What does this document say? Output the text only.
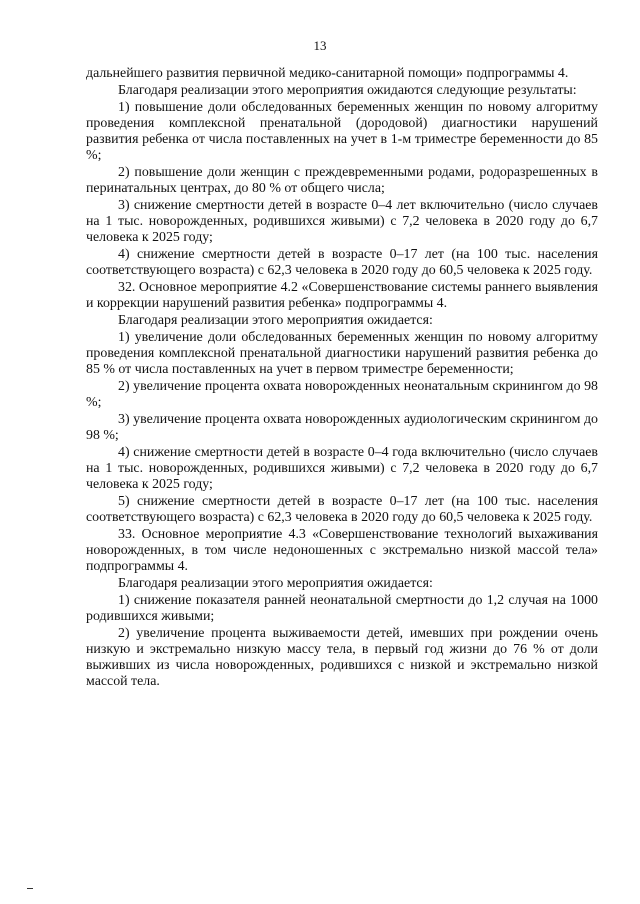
13

дальнейшего развития первичной медико-санитарной помощи» подпрограммы 4.

Благодаря реализации этого мероприятия ожидаются следующие результаты:

1) повышение доли обследованных беременных женщин по новому алгоритму проведения комплексной пренатальной (дородовой) диагностики нарушений развития ребенка от числа поставленных на учет в 1-м триместре беременности до 85 %;

2) повышение доли женщин с преждевременными родами, родоразрешенных в перинатальных центрах, до 80 % от общего числа;

3) снижение смертности детей в возрасте 0–4 лет включительно (число случаев на 1 тыс. новорожденных, родившихся живыми) с 7,2 человека в 2020 году до 6,7 человека к 2025 году;

4) снижение смертности детей в возрасте 0–17 лет (на 100 тыс. населения соответствующего возраста) с 62,3 человека в 2020 году до 60,5 человека к 2025 году.

32. Основное мероприятие 4.2 «Совершенствование системы раннего выявления и коррекции нарушений развития ребенка» подпрограммы 4.

Благодаря реализации этого мероприятия ожидается:

1) увеличение доли обследованных беременных женщин по новому алгоритму проведения комплексной пренатальной диагностики нарушений развития ребенка до 85 % от числа поставленных на учет в первом триместре беременности;

2) увеличение процента охвата новорожденных неонатальным скринингом до 98 %;

3) увеличение процента охвата новорожденных аудиологическим скринингом до 98 %;

4) снижение смертности детей в возрасте 0–4 года включительно (число случаев на 1 тыс. новорожденных, родившихся живыми) с 7,2 человека в 2020 году до 6,7 человека к 2025 году;

5) снижение смертности детей в возрасте 0–17 лет (на 100 тыс. населения соответствующего возраста) с 62,3 человека в 2020 году до 60,5 человека к 2025 году.

33. Основное мероприятие 4.3 «Совершенствование технологий выхаживания новорожденных, в том числе недоношенных с экстремально низкой массой тела» подпрограммы 4.

Благодаря реализации этого мероприятия ожидается:

1) снижение показателя ранней неонатальной смертности до 1,2 случая на 1000 родившихся живыми;

2) увеличение процента выживаемости детей, имевших при рождении очень низкую и экстремально низкую массу тела, в первый год жизни до 76 % от доли выживших из числа новорожденных, родившихся с низкой и экстремально низкой массой тела.
